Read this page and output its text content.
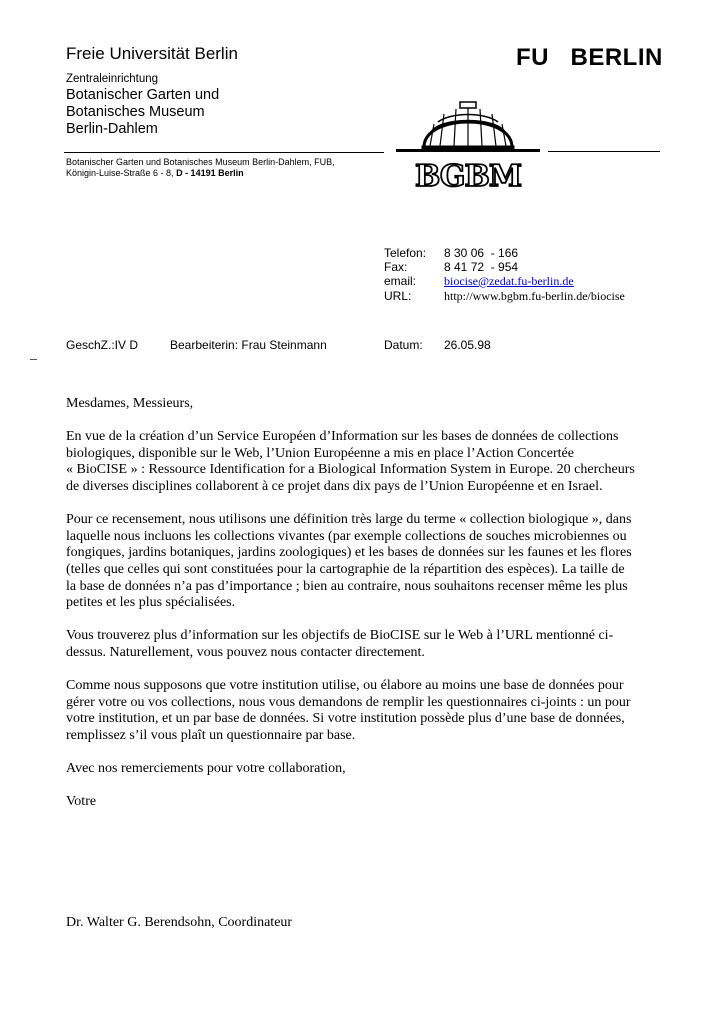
Freie Universität Berlin	FU   BERLIN
Zentraleinrichtung
Botanischer Garten und
Botanisches Museum
Berlin-Dahlem
Botanischer Garten und Botanisches Museum Berlin-Dahlem, FUB,
Königin-Luise-Straße 6 - 8, D - 14191 Berlin	BGBM
Telefon: 8 30 06  - 166
Fax:	8 41 72  - 954
email: biocise@zedat.fu-berlin.de
URL:	http://www.bgbm.fu-berlin.de/biocise
GeschZ.:IV D	Bearbeiterin: Frau Steinmann	Datum: 26.05.98

Mesdames, Messieurs,

En vue de la création d’un Service Européen d’Information sur les bases de données de collections
biologiques, disponible sur le Web, l’Union Européenne a mis en place l’Action Concertée
« BioCISE » : Ressource Identification for a Biological Information System in Europe. 20 chercheurs
de diverses disciplines collaborent à ce projet dans dix pays de l’Union Européenne et en Israel.

Pour ce recensement, nous utilisons une définition très large du terme « collection biologique », dans
laquelle nous incluons les collections vivantes (par exemple collections de souches microbiennes ou
fongiques, jardins botaniques, jardins zoologiques) et les bases de données sur les faunes et les flores
(telles que celles qui sont constituées pour la cartographie de la répartition des espèces). La taille de
la base de données n’a pas d’importance ; bien au contraire, nous souhaitons recenser même les plus
petites et les plus spécialisées.

Vous trouverez plus d’information sur les objectifs de BioCISE sur le Web à l’URL mentionné ci-
dessus. Naturellement, vous pouvez nous contacter directement.

Comme nous supposons que votre institution utilise, ou élabore au moins une base de données pour
gérer votre ou vos collections, nous vous demandons de remplir les questionnaires ci-joints : un pour
votre institution, et un par base de données. Si votre institution possède plus d’une base de données,
remplissez s’il vous plaît un questionnaire par base.

Avec nos remerciements pour votre collaboration,

Votre

Dr. Walter G. Berendsohn, Coordinateur
